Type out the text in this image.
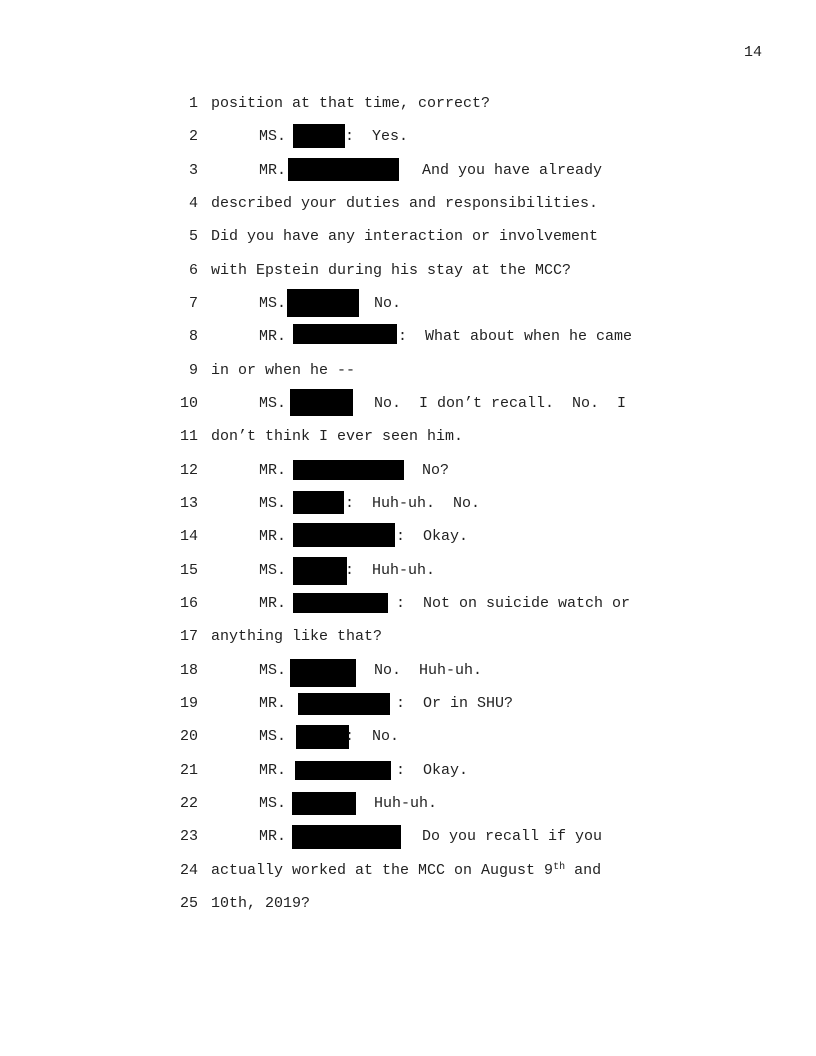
14
1 position at that time, correct?
2	MS.	:  Yes.
3	MR.	And you have already
4 described your duties and responsibilities.
5 Did you have any interaction or involvement
6 with Epstein during his stay at the MCC?
7	MS.	No.
8	MR.	:  What about when he came
9 in or when he --
10	MS.	No.  I don’t recall.  No.  I
11 don’t think I ever seen him.
12	MR.	No?
13	MS.	:  Huh-uh.  No.
14	MR.	:  Okay.
15	MS.	:  Huh-uh.
16	MR.	:  Not on suicide watch or
17 anything like that?
18	MS.	No.  Huh-uh.
19	MR.	:  Or in SHU?
20	MS.	:  No.
21	MR.	:  Okay.
22	MS.	Huh-uh.
23	MR.	Do you recall if you
24 actually worked at the MCC on August 9th and
25 10th, 2019?
